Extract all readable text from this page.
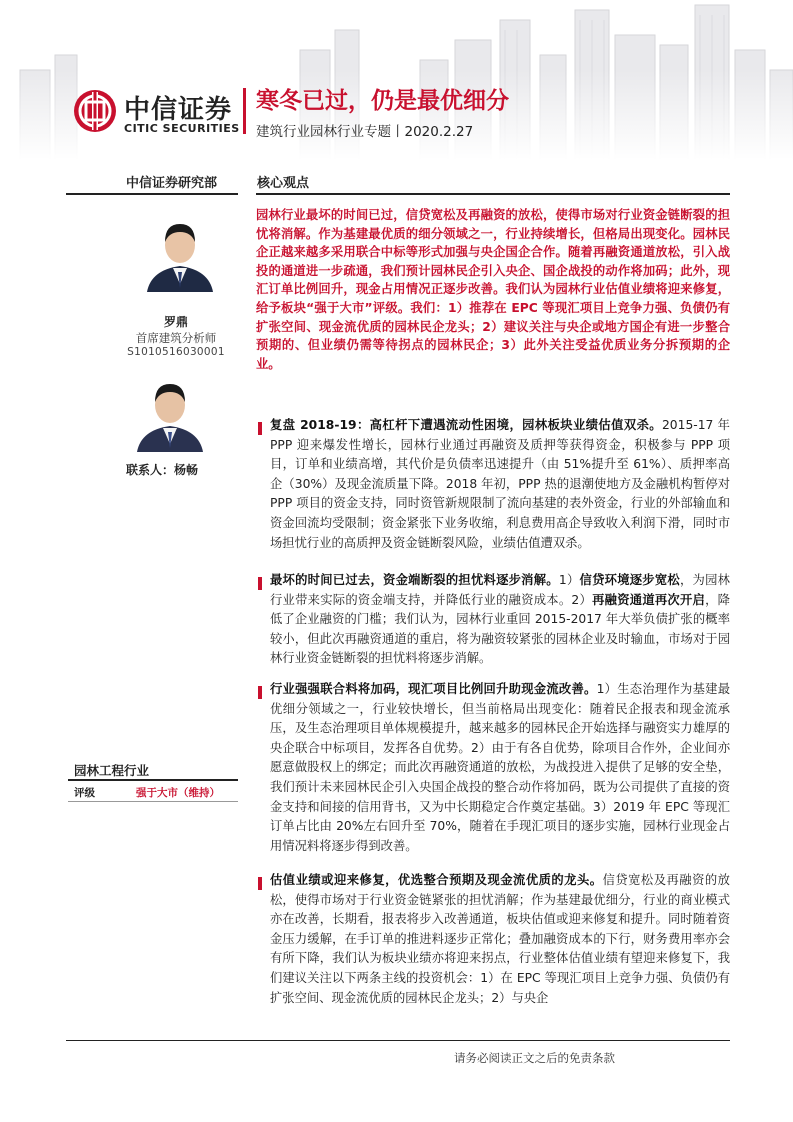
中信证券
CITIC SECURITIES
寒冬已过，仍是最优细分
建筑行业园林行业专题丨2020.2.27
中信证券研究部	核心观点
园林行业最坏的时间已过，信贷宽松及再融资的放松，使得市场对行业资金链断裂的担忧将消解。作为基建最优质的细分领域之一，行业持续增长，但格局出现变化。园林民企正越来越多采用联合中标等形式加强与央企国企合作。随着再融资通道放松，引入战投的通道进一步疏通，我们预计园林民企引入央企、国企战投的动作将加码；此外，现汇订单比例回升，现金占用情况正逐步改善。我们认为园林行业估值业绩将迎来修复，给予板块“强于大市”评级。我们：1）推荐在 EPC 等现汇项目上竞争力强、负债仍有扩张空间、现金流优质的园林民企龙头；2）建议关注与央企或地方国企有进一步整合预期的、但业绩仍需等待拐点的园林民企；3）此外关注受益优质业务分拆预期的企业。
罗鼎
首席建筑分析师
S1010516030001
联系人：杨畅
园林工程行业
评级	强于大市（维持）
复盘 2018-19：高杠杆下遭遇流动性困境，园林板块业绩估值双杀。2015-17 年 PPP 迎来爆发性增长，园林行业通过再融资及质押等获得资金，积极参与 PPP 项目，订单和业绩高增，其代价是负债率迅速提升（由 51%提升至 61%）、质押率高企（30%）及现金流质量下降。2018 年初，PPP 热的退潮使地方及金融机构暂停对 PPP 项目的资金支持，同时资管新规限制了流向基建的表外资金，行业的外部输血和资金回流均受限制；资金紧张下业务收缩，利息费用高企导致收入利润下滑，同时市场担忧行业的高质押及资金链断裂风险，业绩估值遭双杀。
最坏的时间已过去，资金端断裂的担忧料逐步消解。1）信贷环境逐步宽松，为园林行业带来实际的资金端支持，并降低行业的融资成本。2）再融资通道再次开启，降低了企业融资的门槛；我们认为，园林行业重回 2015-2017 年大举负债扩张的概率较小，但此次再融资通道的重启，将为融资较紧张的园林企业及时输血，市场对于园林行业资金链断裂的担忧料将逐步消解。
行业强强联合料将加码，现汇项目比例回升助现金流改善。1）生态治理作为基建最优细分领域之一，行业较快增长，但当前格局出现变化：随着民企报表和现金流承压，及生态治理项目单体规模提升，越来越多的园林民企开始选择与融资实力雄厚的央企联合中标项目，发挥各自优势。2）由于有各自优势，除项目合作外，企业间亦愿意做股权上的绑定；而此次再融资通道的放松，为战投进入提供了足够的安全垫，我们预计未来园林民企引入央国企战投的整合动作将加码，既为公司提供了直接的资金支持和间接的信用背书，又为中长期稳定合作奠定基础。3）2019 年 EPC 等现汇订单占比由 20%左右回升至 70%，随着在手现汇项目的逐步实施，园林行业现金占用情况料将逐步得到改善。
估值业绩或迎来修复，优选整合预期及现金流优质的龙头。信贷宽松及再融资的放松，使得市场对于行业资金链紧张的担忧消解；作为基建最优细分，行业的商业模式亦在改善，长期看，报表将步入改善通道，板块估值或迎来修复和提升。同时随着资金压力缓解，在手订单的推进料逐步正常化；叠加融资成本的下行，财务费用率亦会有所下降，我们认为板块业绩亦将迎来拐点，行业整体估值业绩有望迎来修复下，我们建议关注以下两条主线的投资机会：1）在 EPC 等现汇项目上竞争力强、负债仍有扩张空间、现金流优质的园林民企龙头；2）与央企
请务必阅读正文之后的免责条款
